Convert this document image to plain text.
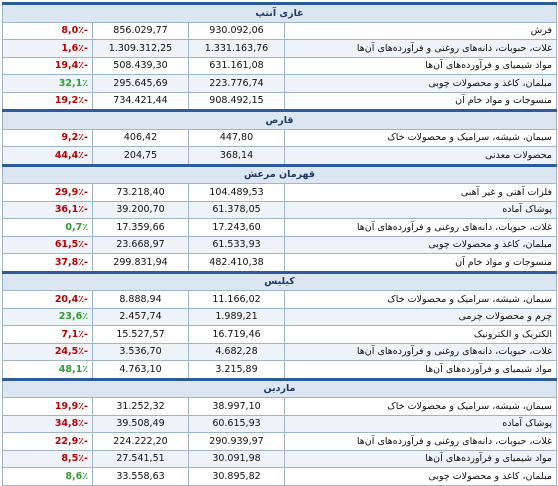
غازی آنتپ			
8,0٪-	856.029,77	930.092,06	فرش
1,6٪-	1.309.312,25	1.331.163,76	غلات، حبوبات، دانه‌های روغنی و فرآورده‌های آن‌ها
19,4٪-	508.439,30	631.161,08	مواد شیمیای و فرآورده‌های آن‌ها
32,1٪	295.645,69	223.776,74	مبلمان، کاغذ و محصولات چوبی
19,2٪-	734.421,44	908.492,15	منسوجات و مواد خام آن
قارص			
9,2٪-	406,42	447,80	سیمان، شیشه، سرامیک و محصولات خاک
44,4٪-	204,75	368,14	محصولات معدنی
قهرمان مرعش			
29,9٪-	73.218,40	104.489,53	فلزات آهنی و غیر آهنی
36,1٪-	39.200,70	61.378,05	پوشاک آماده
0,7٪	17.359,66	17.243,60	غلات، حبوبات، دانه‌های روغنی و فرآورده‌های آن‌ها
61,5٪-	23.668,97	61.533,93	مبلمان، کاغذ و محصولات چوبی
37,8٪-	299.831,94	482.410,38	منسوجات و مواد خام آن
کیلیس			
20,4٪-	8.888,94	11.166,02	سیمان، شیشه، سرامیک و محصولات خاک
23,6٪	2.457,74	1.989,21	چرم و محصولات چرمی
7,1٪-	15.527,57	16.719,46	الکتریک و الکترونیک
24,5٪-	3.536,70	4.682,28	غلات، حبوبات، دانه‌های روغنی و فرآورده‌های آن‌ها
48,1٪	4.763,10	3.215,89	مواد شیمیای و فرآورده‌های آن‌ها
ماردین			
19,9٪-	31.252,32	38.997,10	سیمان، شیشه، سرامیک و محصولات خاک
34,8٪-	39.508,49	60.615,93	پوشاک آماده
22,9٪-	224.222,20	290.939,97	غلات، حبوبات، دانه‌های روغنی و فرآورده‌های آن‌ها
8,5٪-	27.541,51	30.091,98	مواد شیمیای و فرآورده‌های آن‌ها
8,6٪	33.558,63	30.895,82	مبلمان، کاغذ و محصولات چوبی
